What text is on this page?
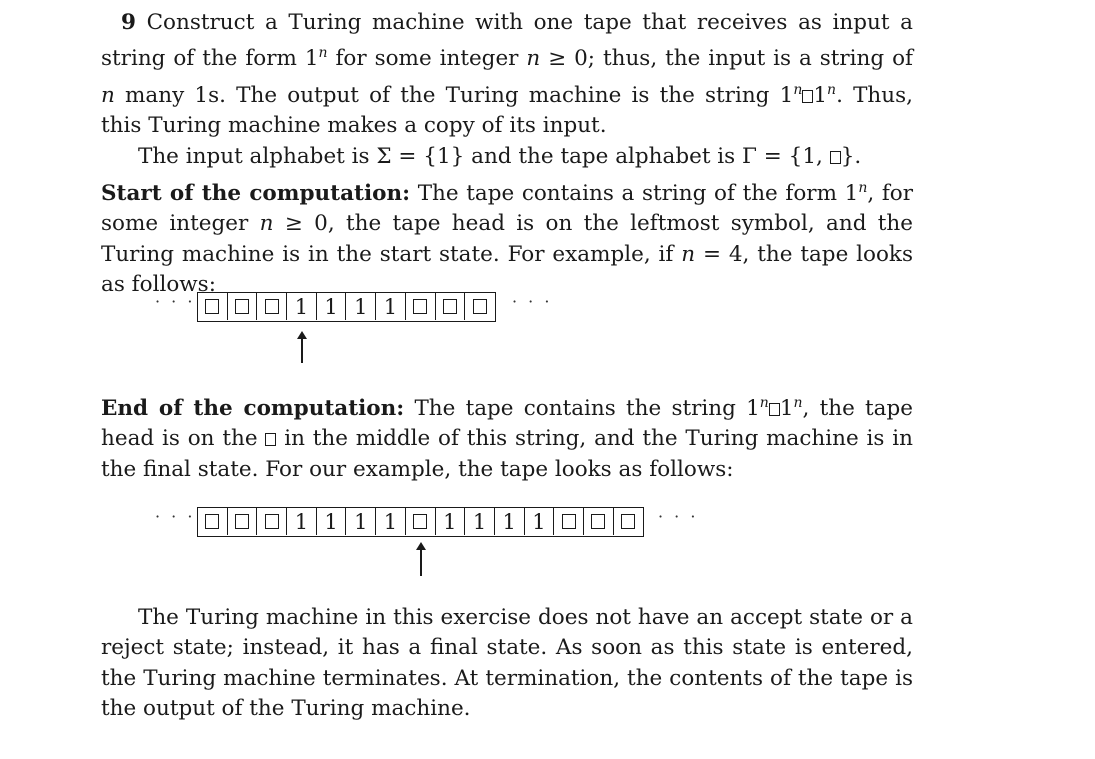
9 Construct a Turing machine with one tape that receives as input a string of the form 1$^n$ for some integer n ≥ 0; thus, the input is a string of n many 1s. The output of the Turing machine is the string 1$^n$ 1$^n$. Thus, this Turing machine makes a copy of its input.
The input alphabet is Σ = {1} and the tape alphabet is Γ = {1, }.

Start of the computation: The tape contains a string of the form 1$^n$, for some integer n ≥ 0, the tape head is on the leftmost symbol, and the Turing machine is in the start state. For example, if n = 4, the tape looks as follows:

End of the computation: The tape contains the string 1$^n$ 1$^n$, the tape head is on the  in the middle of this string, and the Turing machine is in the final state. For our example, the tape looks as follows:

The Turing machine in this exercise does not have an accept state or a reject state; instead, it has a final state. As soon as this state is entered, the Turing machine terminates. At termination, the contents of the tape is the output of the Turing machine.

· · ·	1 1 1 1	· · ·
· · ·	1 1 1 1	1 1 1 1	· · ·
